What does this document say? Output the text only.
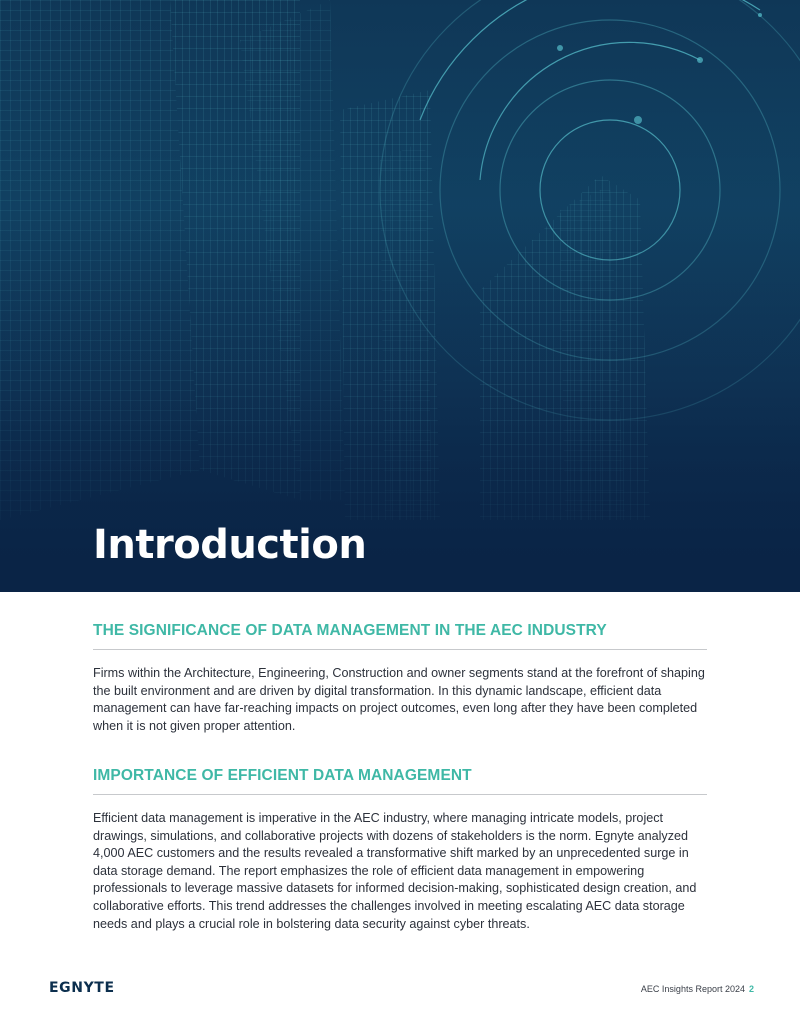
Introduction
THE SIGNIFICANCE OF DATA MANAGEMENT IN THE AEC INDUSTRY

Firms within the Architecture, Engineering, Construction and owner segments stand at the forefront of shaping the built environment and are driven by digital transformation. In this dynamic landscape, efficient data management can have far-reaching impacts on project outcomes, even long after they have been completed when it is not given proper attention.

IMPORTANCE OF EFFICIENT DATA MANAGEMENT

Efficient data management is imperative in the AEC industry, where managing intricate models, project drawings, simulations, and collaborative projects with dozens of stakeholders is the norm. Egnyte analyzed 4,000 AEC customers and the results revealed a transformative shift marked by an unprecedented surge in data storage demand. The report emphasizes the role of efficient data management in empowering professionals to leverage massive datasets for informed decision-making, sophisticated design creation, and collaborative efforts. This trend addresses the challenges involved in meeting escalating AEC data storage needs and plays a crucial role in bolstering data security against cyber threats.

EGNYTE	AEC Insights Report 2024 2
